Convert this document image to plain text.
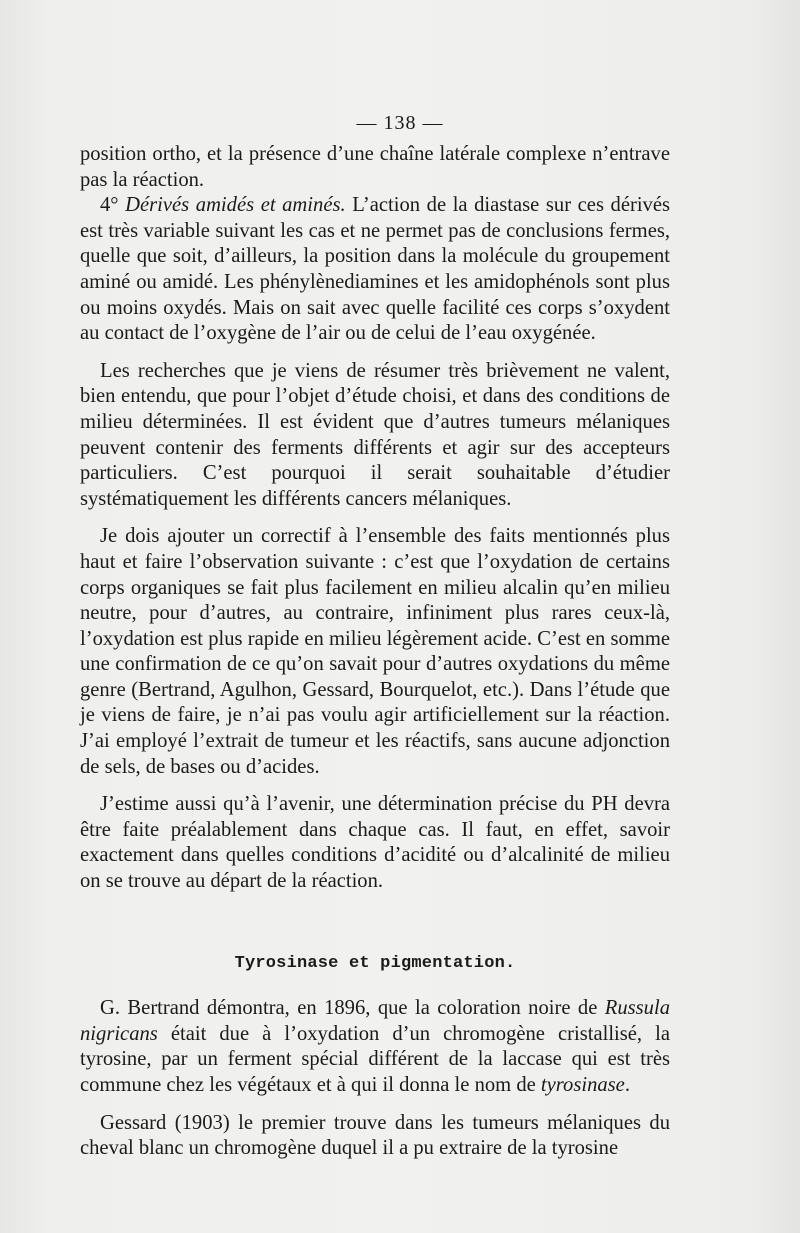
— 138 —

position ortho, et la présence d’une chaîne latérale complexe n’entrave pas la réaction.

4° Dérivés amidés et aminés. L’action de la diastase sur ces dérivés est très variable suivant les cas et ne permet pas de conclusions fermes, quelle que soit, d’ailleurs, la position dans la molécule du groupement aminé ou amidé. Les phénylènediamines et les amidophénols sont plus ou moins oxydés. Mais on sait avec quelle facilité ces corps s’oxydent au contact de l’oxygène de l’air ou de celui de l’eau oxygénée.

Les recherches que je viens de résumer très brièvement ne valent, bien entendu, que pour l’objet d’étude choisi, et dans des conditions de milieu déterminées. Il est évident que d’autres tumeurs mélaniques peuvent contenir des ferments différents et agir sur des accepteurs particuliers. C’est pourquoi il serait souhaitable d’étudier systématiquement les différents cancers mélaniques.

Je dois ajouter un correctif à l’ensemble des faits mentionnés plus haut et faire l’observation suivante : c’est que l’oxydation de certains corps organiques se fait plus facilement en milieu alcalin qu’en milieu neutre, pour d’autres, au contraire, infiniment plus rares ceux-là, l’oxydation est plus rapide en milieu légèrement acide. C’est en somme une confirmation de ce qu’on savait pour d’autres oxydations du même genre (Bertrand, Agulhon, Gessard, Bourquelot, etc.). Dans l’étude que je viens de faire, je n’ai pas voulu agir artificiellement sur la réaction. J’ai employé l’extrait de tumeur et les réactifs, sans aucune adjonction de sels, de bases ou d’acides.

J’estime aussi qu’à l’avenir, une détermination précise du PH devra être faite préalablement dans chaque cas. Il faut, en effet, savoir exactement dans quelles conditions d’acidité ou d’alcalinité de milieu on se trouve au départ de la réaction.

Tyrosinase et pigmentation.

G. Bertrand démontra, en 1896, que la coloration noire de Russula nigricans était due à l’oxydation d’un chromogène cristallisé, la tyrosine, par un ferment spécial différent de la laccase qui est très commune chez les végétaux et à qui il donna le nom de tyrosinase.

Gessard (1903) le premier trouve dans les tumeurs mélaniques du cheval blanc un chromogène duquel il a pu extraire de la tyrosine
